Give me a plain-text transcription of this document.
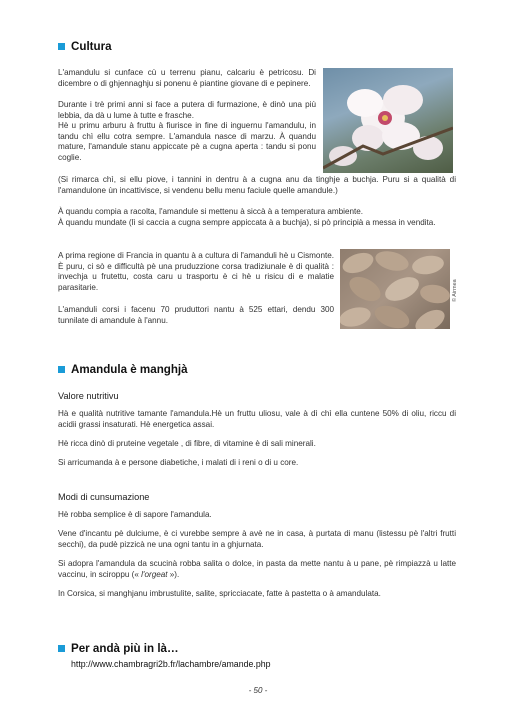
Cultura

L'amandulu si cunface cù u terrenu pianu, calcariu è petricosu. Di dicembre o di ghjennaghju si ponenu è piantine giovane di e pepinere.

Durante i trè primi anni si face a putera di furmazione, è dinò una più lebbia, da dà u lume à tutte e frasche.

Hè u primu arburu à fruttu à fiurisce in fine di inguernu l'amandulu, in tandu chì ellu cotra sempre. L'amandula nasce di marzu. À quandu mature, l'amandule stanu appiccate pè a cugna aperta : tandu si ponu coglie.

(Si rimarca chì, si ellu piove, i tannini in dentru à a cugna anu da tinghje a buchja. Puru si a qualità di l'amandulone ùn incattivisce, si vendenu bellu menu faciule quelle amandule.)

À quandu compia a racolta, l'amandule si mettenu à siccà à a temperatura ambiente.

À quandu mundate (lì si caccia a cugna sempre appiccata à a buchja), si pò principià a messa in vendita.

© Airmea

A prima regione di Francia in quantu à a cultura di l'amanduli hè u Cismonte. È puru, ci sò e difficultà pè una pruduzzione corsa tradiziunale è di qualità : invechja u frutettu, costa caru u trasportu è ci hè u risicu di e malatie parasitarie.

L'amanduli corsi i facenu 70 pruduttori nantu à 525 ettari, dendu 300 tunnilate di amandule à l'annu.

Amandula è manghjà
Valore nutritivu

Hà e qualità nutritive tamante l'amandula.Hè un fruttu uliosu, vale à dì chì ella cuntene 50% di oliu, riccu di acidii grassi insaturati. Hè energetica assai.

Hè ricca dinò di pruteine vegetale , di fibre, di vitamine è di sali minerali.

Si arricumanda à e persone diabetiche, i malati di i reni o di u core.

Modi di cunsumazione

Hè robba semplice è di sapore l'amandula.

Vene d'incantu pè dulciume, è ci vurebbe sempre à avè ne in casa, à purtata di manu (listessu pè l'altri frutti secchi), da pudè pizzicà ne una ogni tantu in a ghjurnata.

Si adopra l'amandula da scucinà robba salita o dolce, in pasta da mette nantu à u pane, pè rimpiazzà u latte vaccinu, in sciroppu (« l'orgeat »).

In Corsica, si manghjanu imbrustulite, salite, spricciacate, fatte à pastetta o à amandulata.

Per andà più in là…
http://www.chambragri2b.fr/lachambre/amande.php
- 50 -
